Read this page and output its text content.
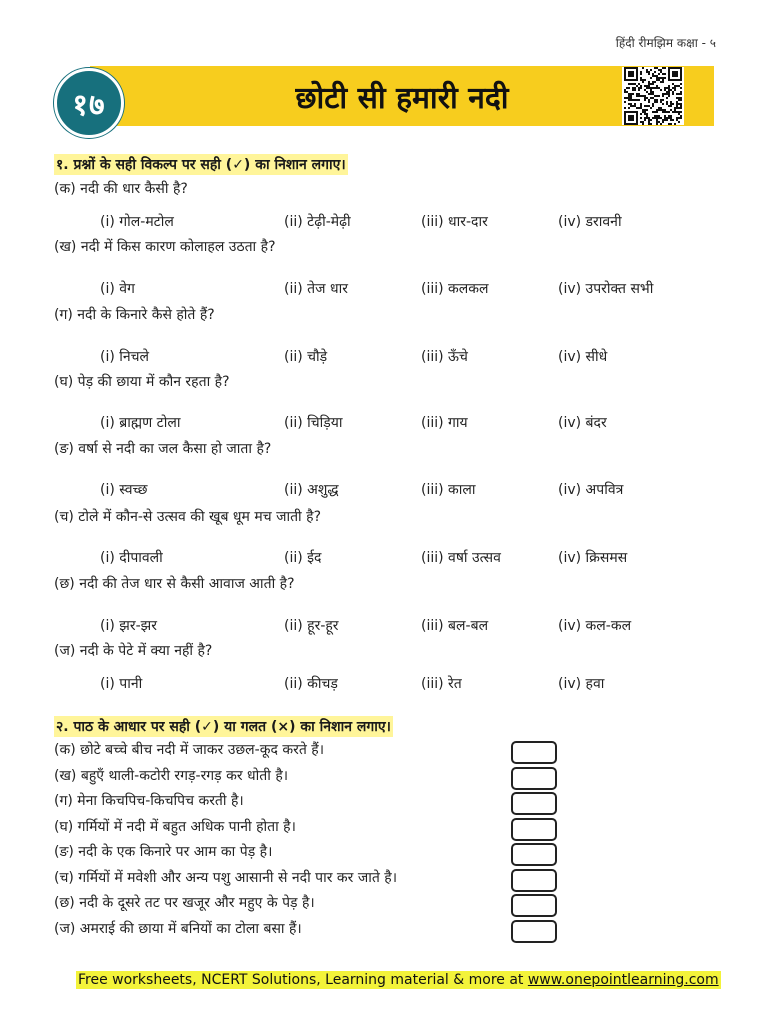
हिंदी रीमझिम कक्षा - ५
छोटी सी हमारी नदी
१७
१. प्रश्नों के सही विकल्प पर सही (✓) का निशान लगाए।
(क) नदी की धार कैसी है?
(i) गोल-मटोल	(ii) टेढ़ी-मेढ़ी	(iii) धार-दार	(iv) डरावनी
(ख) नदी में किस कारण कोलाहल उठता है?
(i) वेग	(ii) तेज धार	(iii) कलकल	(iv) उपरोक्त सभी
(ग) नदी के किनारे कैसे होते हैं?
(i) निचले	(ii) चौड़े	(iii) ऊँचे	(iv) सीधे
(घ) पेड़ की छाया में कौन रहता है?
(i) ब्राह्मण टोला	(ii) चिड़िया	(iii) गाय	(iv) बंदर
(ङ) वर्षा से नदी का जल कैसा हो जाता है?
(i) स्वच्छ	(ii) अशुद्ध	(iii) काला	(iv) अपवित्र
(च) टोले में कौन-से उत्सव की खूब धूम मच जाती है?
(i) दीपावली	(ii) ईद	(iii) वर्षा उत्सव	(iv) क्रिसमस
(छ) नदी की तेज धार से कैसी आवाज आती है?
(i) झर-झर	(ii) हूर-हूर	(iii) बल-बल	(iv) कल-कल
(ज) नदी के पेटे में क्या नहीं है?
(i) पानी	(ii) कीचड़	(iii) रेत	(iv) हवा
२. पाठ के आधार पर सही (✓) या गलत (×) का निशान लगाए।
(क) छोटे बच्चे बीच नदी में जाकर उछल-कूद करते हैं।
(ख) बहुएँ थाली-कटोरी रगड़-रगड़ कर धोती है।
(ग) मेना किचपिच-किचपिच करती है।
(घ) गर्मियों में नदी में बहुत अधिक पानी होता है।
(ङ) नदी के एक किनारे पर आम का पेड़ है।
(च) गर्मियों में मवेशी और अन्य पशु आसानी से नदी पार कर जाते है।
(छ) नदी के दूसरे तट पर खजूर और महुए के पेड़ है।
(ज) अमराई की छाया में बनियों का टोला बसा हैं।
Free worksheets, NCERT Solutions, Learning material & more at www.onepointlearning.com
